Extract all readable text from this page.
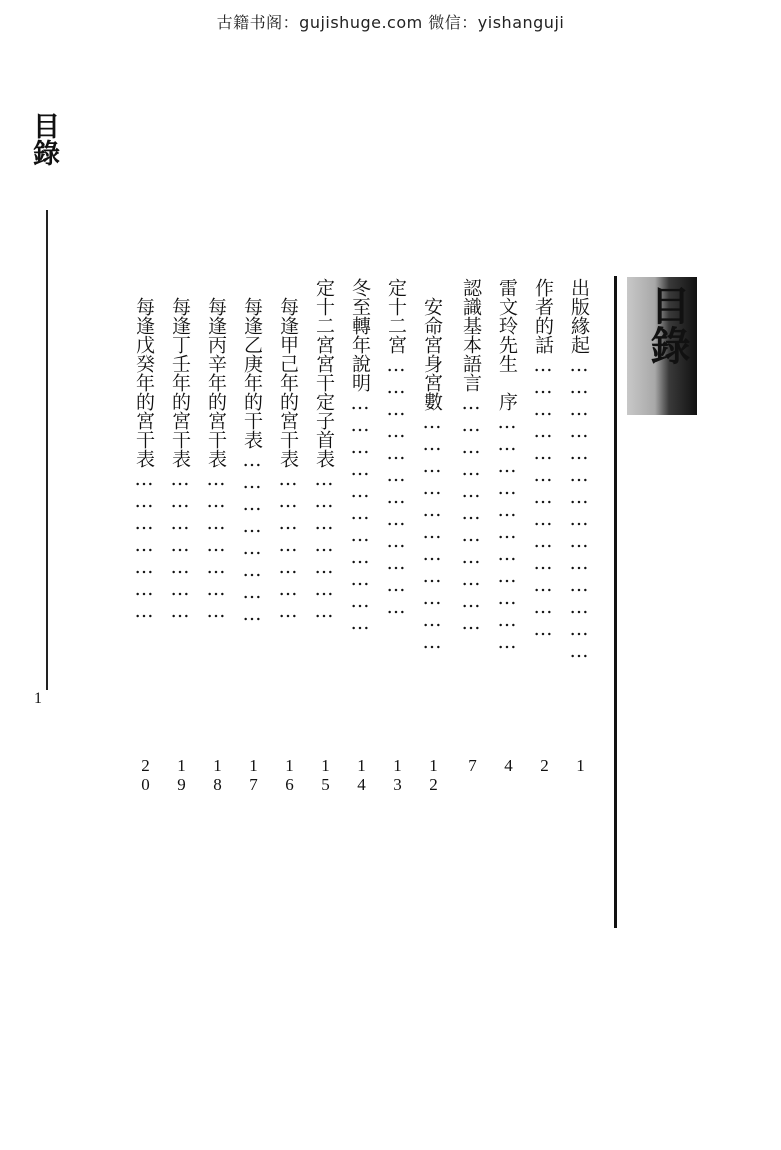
古籍书阁：gujishuge.com 微信：yishanguji
目錄
1
目錄
出版緣起……………………………………
1
作者的話…………………………………
2
雷文玲先生　序……………………………
4
認識基本語言……………………………
7
　安命宮身宮數……………………………
12
定十二宮………………………………
13
冬至轉年說明……………………………
14
定十二宮宮干定子首表…………………
15
　每逢甲己年的宮干表…………………
16
　每逢乙庚年的干表……………………
17
　每逢丙辛年的宮干表…………………
18
　每逢丁壬年的宮干表…………………
19
　每逢戊癸年的宮干表…………………
20
